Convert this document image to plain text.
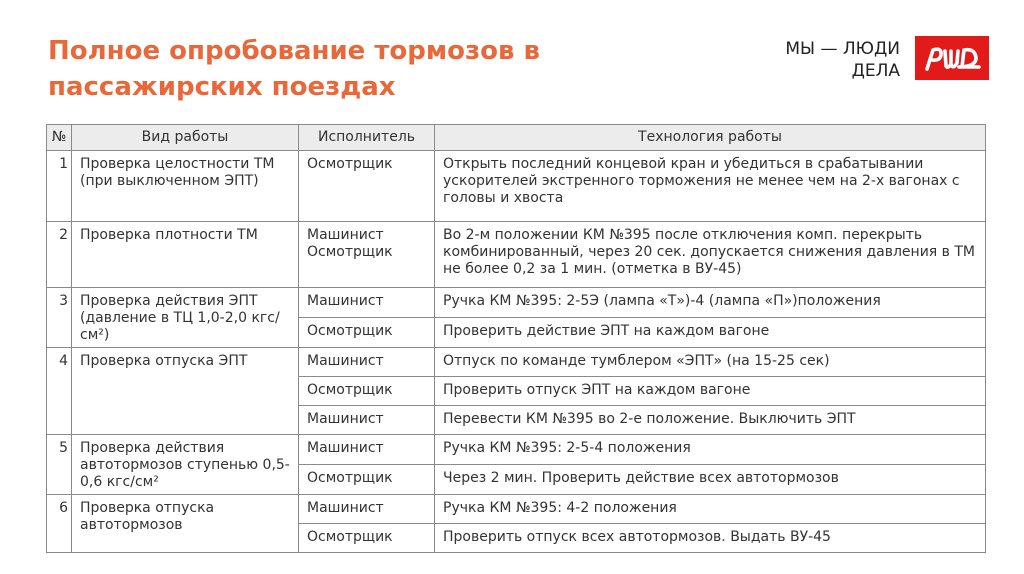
Полное опробование тормозов в пассажирских поездах
МЫ — ЛЮДИ
ДЕЛА
№	Вид работы	Исполнитель	Технология работы
1	Проверка целостности ТМ (при выключенном ЭПТ)	Осмотрщик	Открыть последний концевой кран и убедиться в срабатывании ускорителей экстренного торможения не менее чем на 2-х вагонах с головы и хвоста
2	Проверка плотности ТМ	Машинист Осмотрщик	Во 2-м положении КМ №395 после отключения комп. перекрыть комбинированный, через 20 сек. допускается снижения давления в ТМ не более 0,2 за 1 мин. (отметка в ВУ-45)
3	Проверка действия ЭПТ (давление в ТЦ 1,0-2,0 кгс/см²)	Машинист	Ручка КМ №395: 2-5Э (лампа «Т»)-4 (лампа «П»)положения
		Осмотрщик	Проверить действие ЭПТ на каждом вагоне
4	Проверка отпуска ЭПТ	Машинист	Отпуск по команде тумблером «ЭПТ» (на 15-25 сек)
		Осмотрщик	Проверить отпуск ЭПТ на каждом вагоне
		Машинист	Перевести КМ №395 во 2-е положение. Выключить ЭПТ
5	Проверка действия автотормозов ступенью 0,5-0,6 кгс/см²	Машинист	Ручка КМ №395: 2-5-4 положения
		Осмотрщик	Через 2 мин. Проверить действие всех автотормозов
6	Проверка отпуска автотормозов	Машинист	Ручка КМ №395: 4-2 положения
		Осмотрщик	Проверить отпуск всех автотормозов. Выдать ВУ-45
